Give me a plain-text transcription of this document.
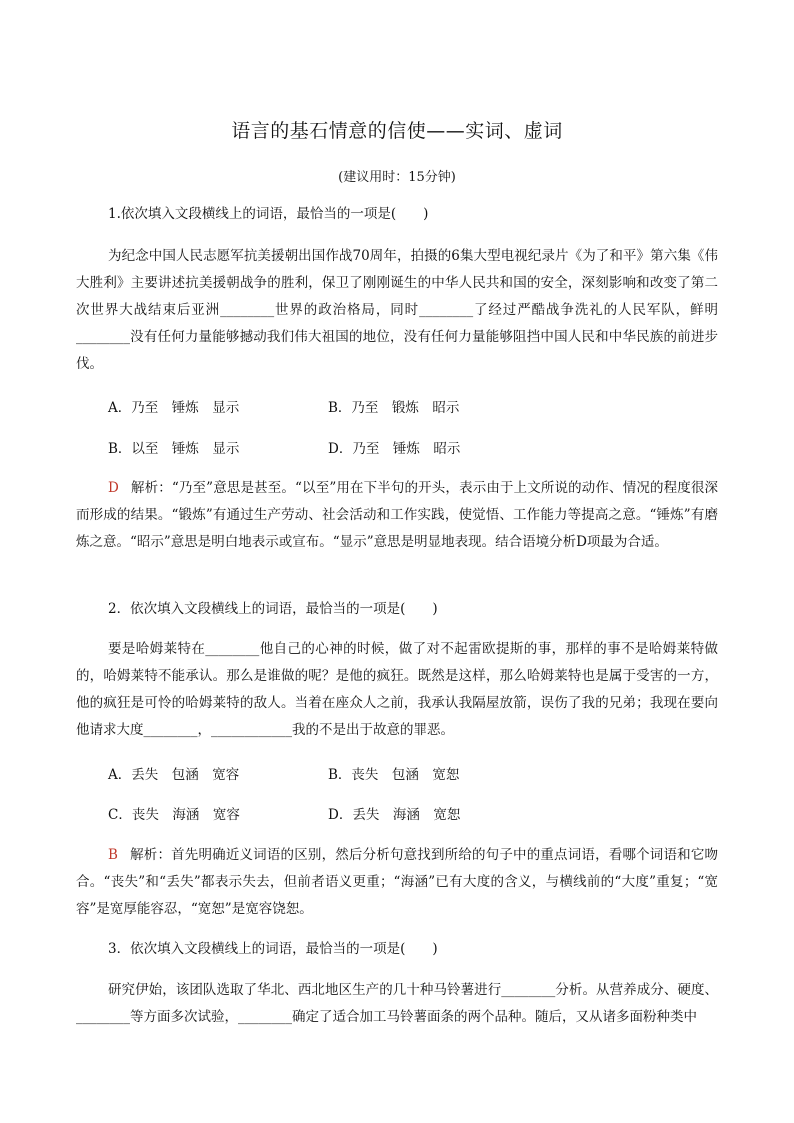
语言的基石情意的信使——实词、虚词
(建议用时：15分钟)
1.依次填入文段横线上的词语，最恰当的一项是(　　)
为纪念中国人民志愿军抗美援朝出国作战70周年，拍摄的6集大型电视纪录片《为了和平》第六集《伟大胜利》主要讲述抗美援朝战争的胜利，保卫了刚刚诞生的中华人民共和国的安全，深刻影响和改变了第二次世界大战结束后亚洲________世界的政治格局，同时________了经过严酷战争洗礼的人民军队，鲜明________没有任何力量能够撼动我们伟大祖国的地位，没有任何力量能够阻挡中国人民和中华民族的前进步伐。
A．乃至　锤炼　显示	B．乃至　锻炼　昭示
B．以至　锤炼　显示	D．乃至　锤炼　昭示
D 解析：“乃至”意思是甚至。“以至”用在下半句的开头，表示由于上文所说的动作、情况的程度很深而形成的结果。“锻炼”有通过生产劳动、社会活动和工作实践，使觉悟、工作能力等提高之意。“锤炼”有磨炼之意。“昭示”意思是明白地表示或宣布。“显示”意思是明显地表现。结合语境分析D项最为合适。
2．依次填入文段横线上的词语，最恰当的一项是(　　)
要是哈姆莱特在________他自己的心神的时候，做了对不起雷欧提斯的事，那样的事不是哈姆莱特做的，哈姆莱特不能承认。那么是谁做的呢？是他的疯狂。既然是这样，那么哈姆莱特也是属于受害的一方，他的疯狂是可怜的哈姆莱特的敌人。当着在座众人之前，我承认我隔屋放箭，误伤了我的兄弟；我现在要向他请求大度________，____________我的不是出于故意的罪恶。
A．丢失　包涵　宽容	B．丧失　包涵　宽恕
C．丧失　海涵　宽容	D．丢失　海涵　宽恕
B 解析：首先明确近义词语的区别，然后分析句意找到所给的句子中的重点词语，看哪个词语和它吻合。“丧失”和“丢失”都表示失去，但前者语义更重；“海涵”已有大度的含义，与横线前的“大度”重复；“宽容”是宽厚能容忍，“宽恕”是宽容饶恕。
3．依次填入文段横线上的词语，最恰当的一项是(　　)
研究伊始，该团队选取了华北、西北地区生产的几十种马铃薯进行________分析。从营养成分、硬度、________等方面多次试验，________确定了适合加工马铃薯面条的两个品种。随后，又从诸多面粉种类中
